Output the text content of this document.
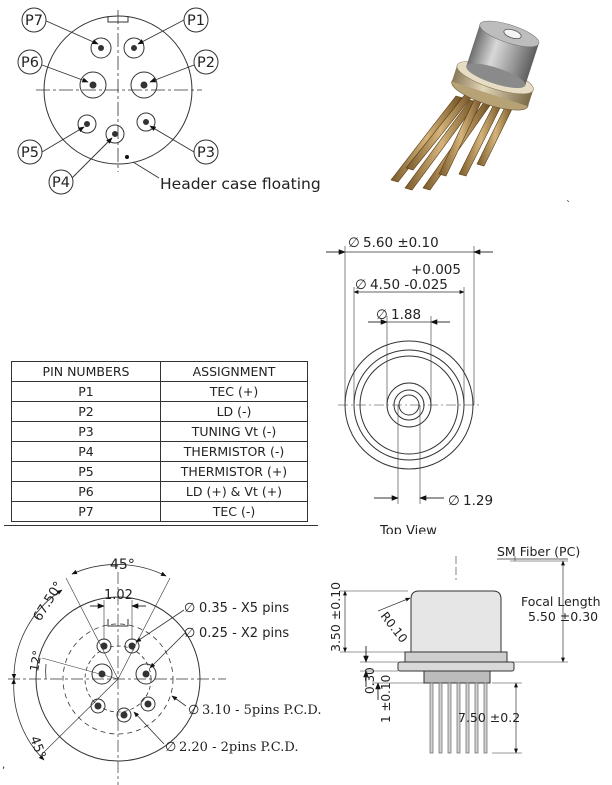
P7	P1
P6	P2
P5	P3
P4	Header case floating
`
∅ 5.60 ±0.10
+0.005
∅ 4.50 -0.025
∅ 1.88
∅ 1.29
Top View
45°
1.02
67.50°
12°
45°
∅ 0.35 - X5 pins
∅ 0.25 - X2 pins
∅ 3.10 - 5pins P.C.D.
∅ 2.20 - 2pins P.C.D.
SM Fiber (PC)
Focal Length
5.50 ±0.30
3.50 ±0.10	R0.10
0.30 1 ±0.10	7.50 ±0.2
,
PIN NUMBERS	ASSIGNMENT
P1	TEC (+)
P2	LD (-)
P3	TUNING Vt (-)
P4	THERMISTOR (-)
P5	THERMISTOR (+)
P6	LD (+) & Vt (+)
P7	TEC (-)
